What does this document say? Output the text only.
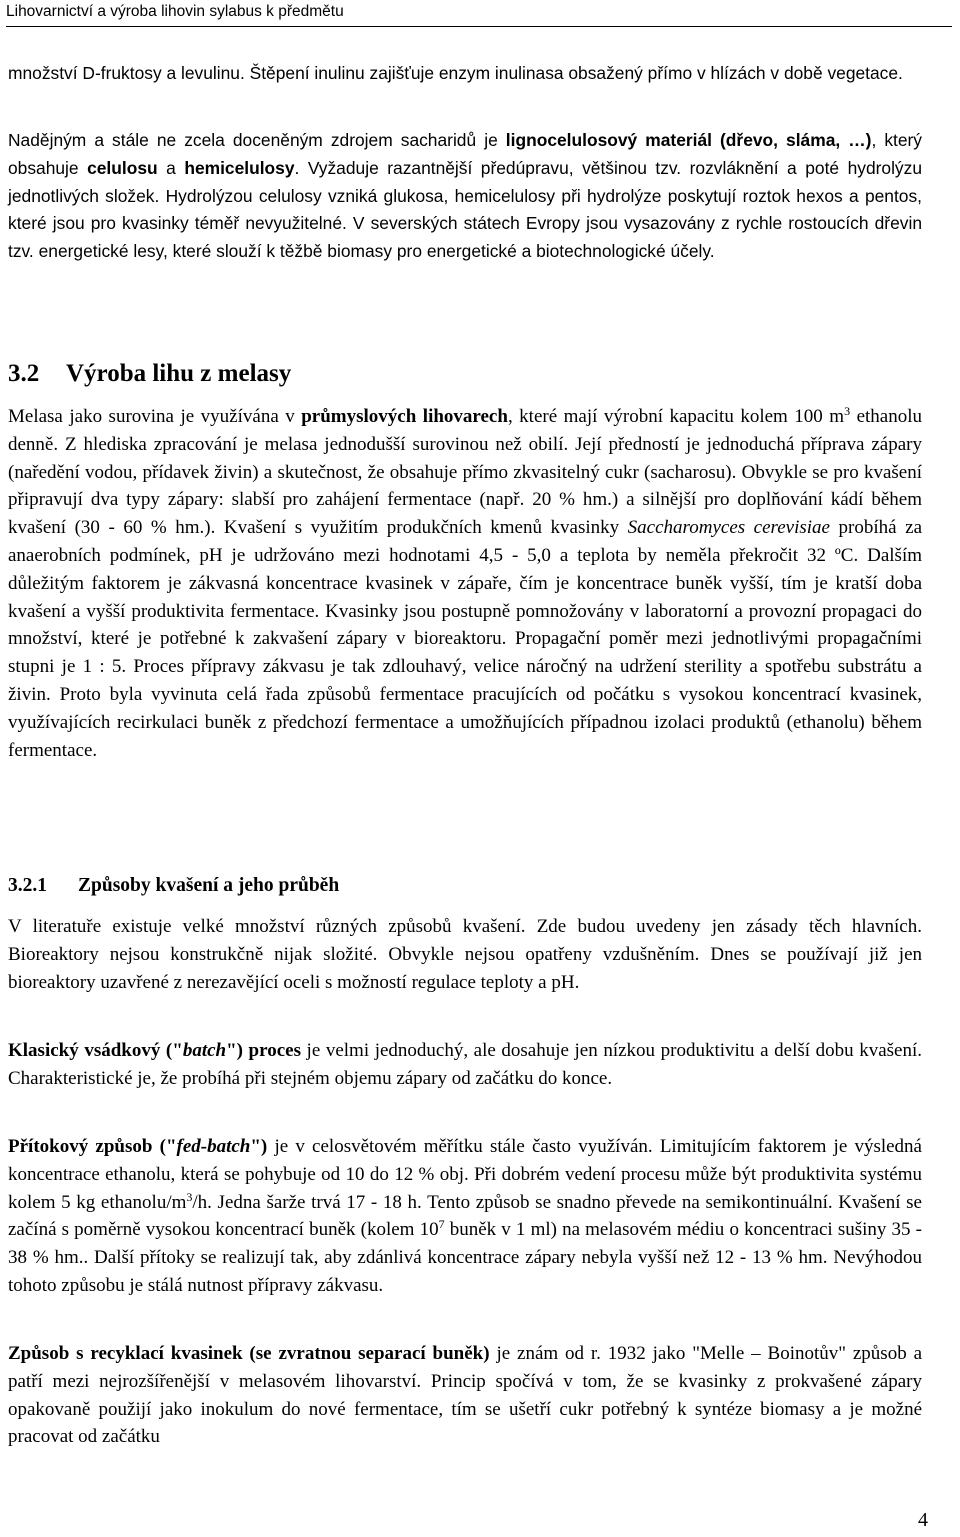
Lihovarnictví a výroba lihovin sylabus k předmětu

množství D-fruktosy a levulinu. Štěpení inulinu zajišťuje enzym inulinasa obsažený přímo v hlízách v době vegetace.

Nadějným a stále ne zcela doceněným zdrojem sacharidů je lignocelulosový materiál (dřevo, sláma, …), který obsahuje celulosu a hemicelulosy. Vyžaduje razantnější předúpravu, většinou tzv. rozvláknění a poté hydrolýzu jednotlivých složek. Hydrolýzou celulosy vzniká glukosa, hemicelulosy při hydrolýze poskytují roztok hexos a pentos, které jsou pro kvasinky téměř nevyužitelné. V severských státech Evropy jsou vysazovány z rychle rostoucích dřevin tzv. energetické lesy, které slouží k těžbě biomasy pro energetické a biotechnologické účely.

3.2 Výroba lihu z melasy

Melasa jako surovina je využívána v průmyslových lihovarech, které mají výrobní kapacitu kolem 100 $m^3$ ethanolu denně. Z hlediska zpracování je melasa jednodušší surovinou než obilí. Její předností je jednoduchá příprava zápary (naředění vodou, přídavek živin) a skutečnost, že obsahuje přímo zkvasitelný cukr (sacharosu). Obvykle se pro kvašení připravují dva typy zápary: slabší pro zahájení fermentace (např. 20 % hm.) a silnější pro doplňování kádí během kvašení (30 - 60 % hm.). Kvašení s využitím produkčních kmenů kvasinky Saccharomyces cerevisiae probíhá za anaerobních podmínek, pH je udržováno mezi hodnotami 4,5 - 5,0 a teplota by neměla překročit 32 ºC. Dalším důležitým faktorem je zákvasná koncentrace kvasinek v zápaře, čím je koncentrace buněk vyšší, tím je kratší doba kvašení a vyšší produktivita fermentace. Kvasinky jsou postupně pomnožovány v laboratorní a provozní propagaci do množství, které je potřebné k zakvašení zápary v bioreaktoru. Propagační poměr mezi jednotlivými propagačními stupni je 1 : 5. Proces přípravy zákvasu je tak zdlouhavý, velice náročný na udržení sterility a spotřebu substrátu a živin. Proto byla vyvinuta celá řada způsobů fermentace pracujících od počátku s vysokou koncentrací kvasinek, využívajících recirkulaci buněk z předchozí fermentace a umožňujících případnou izolaci produktů (ethanolu) během fermentace.

3.2.1 Způsoby kvašení a jeho průběh

V literatuře existuje velké množství různých způsobů kvašení. Zde budou uvedeny jen zásady těch hlavních. Bioreaktory nejsou konstrukčně nijak složité. Obvykle nejsou opatřeny vzdušněním. Dnes se používají již jen bioreaktory uzavřené z nerezavějící oceli s možností regulace teploty a pH.

Klasický vsádkový ("batch") proces je velmi jednoduchý, ale dosahuje jen nízkou produktivitu a delší dobu kvašení. Charakteristické je, že probíhá při stejném objemu zápary od začátku do konce.

Přítokový způsob ("fed-batch") je v celosvětovém měřítku stále často využíván. Limitujícím faktorem je výsledná koncentrace ethanolu, která se pohybuje od 10 do 12 % obj. Při dobrém vedení procesu může být produktivita systému kolem 5 kg ethanolu/$m^3/h$. Jedna šarže trvá 17 - 18 h. Tento způsob se snadno převede na semikontinuální. Kvašení se začíná s poměrně vysokou koncentrací buněk (kolem $10^7$ buněk v 1 ml) na melasovém médiu o koncentraci sušiny 35 - 38 % hm.. Další přítoky se realizují tak, aby zdánlivá koncentrace zápary nebyla vyšší než 12 - 13 % hm. Nevýhodou tohoto způsobu je stálá nutnost přípravy zákvasu.

Způsob s recyklací kvasinek (se zvratnou separací buněk) je znám od r. 1932 jako "Melle – Boinotův" způsob a patří mezi nejrozšířenější v melasovém lihovarství. Princip spočívá v tom, že se kvasinky z prokvašené zápary opakovaně použijí jako inokulum do nové fermentace, tím se ušetří cukr potřebný k syntéze biomasy a je možné pracovat od začátku

4
